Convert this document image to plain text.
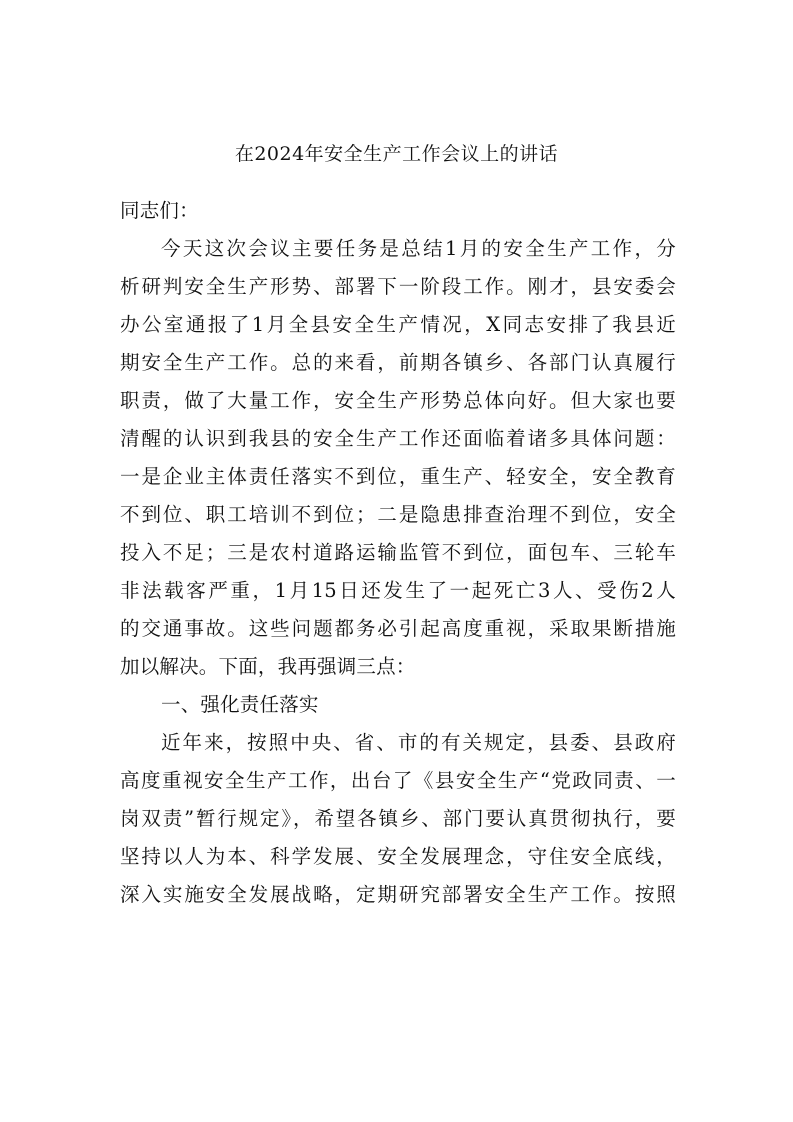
在2024年安全生产工作会议上的讲话
同志们：
今天这次会议主要任务是总结1月的安全生产工作，分
析研判安全生产形势、部署下一阶段工作。刚才，县安委会
办公室通报了1月全县安全生产情况，X同志安排了我县近
期安全生产工作。总的来看，前期各镇乡、各部门认真履行
职责，做了大量工作，安全生产形势总体向好。但大家也要
清醒的认识到我县的安全生产工作还面临着诸多具体问题：
一是企业主体责任落实不到位，重生产、轻安全，安全教育
不到位、职工培训不到位；二是隐患排查治理不到位，安全
投入不足；三是农村道路运输监管不到位，面包车、三轮车
非法载客严重，1月15日还发生了一起死亡3人、受伤2人
的交通事故。这些问题都务必引起高度重视，采取果断措施
加以解决。下面，我再强调三点：
一、强化责任落实
近年来，按照中央、省、市的有关规定，县委、县政府
高度重视安全生产工作，出台了《县安全生产“党政同责、一
岗双责”暂行规定》，希望各镇乡、部门要认真贯彻执行，要
坚持以人为本、科学发展、安全发展理念，守住安全底线，
深入实施安全发展战略，定期研究部署安全生产工作。按照
